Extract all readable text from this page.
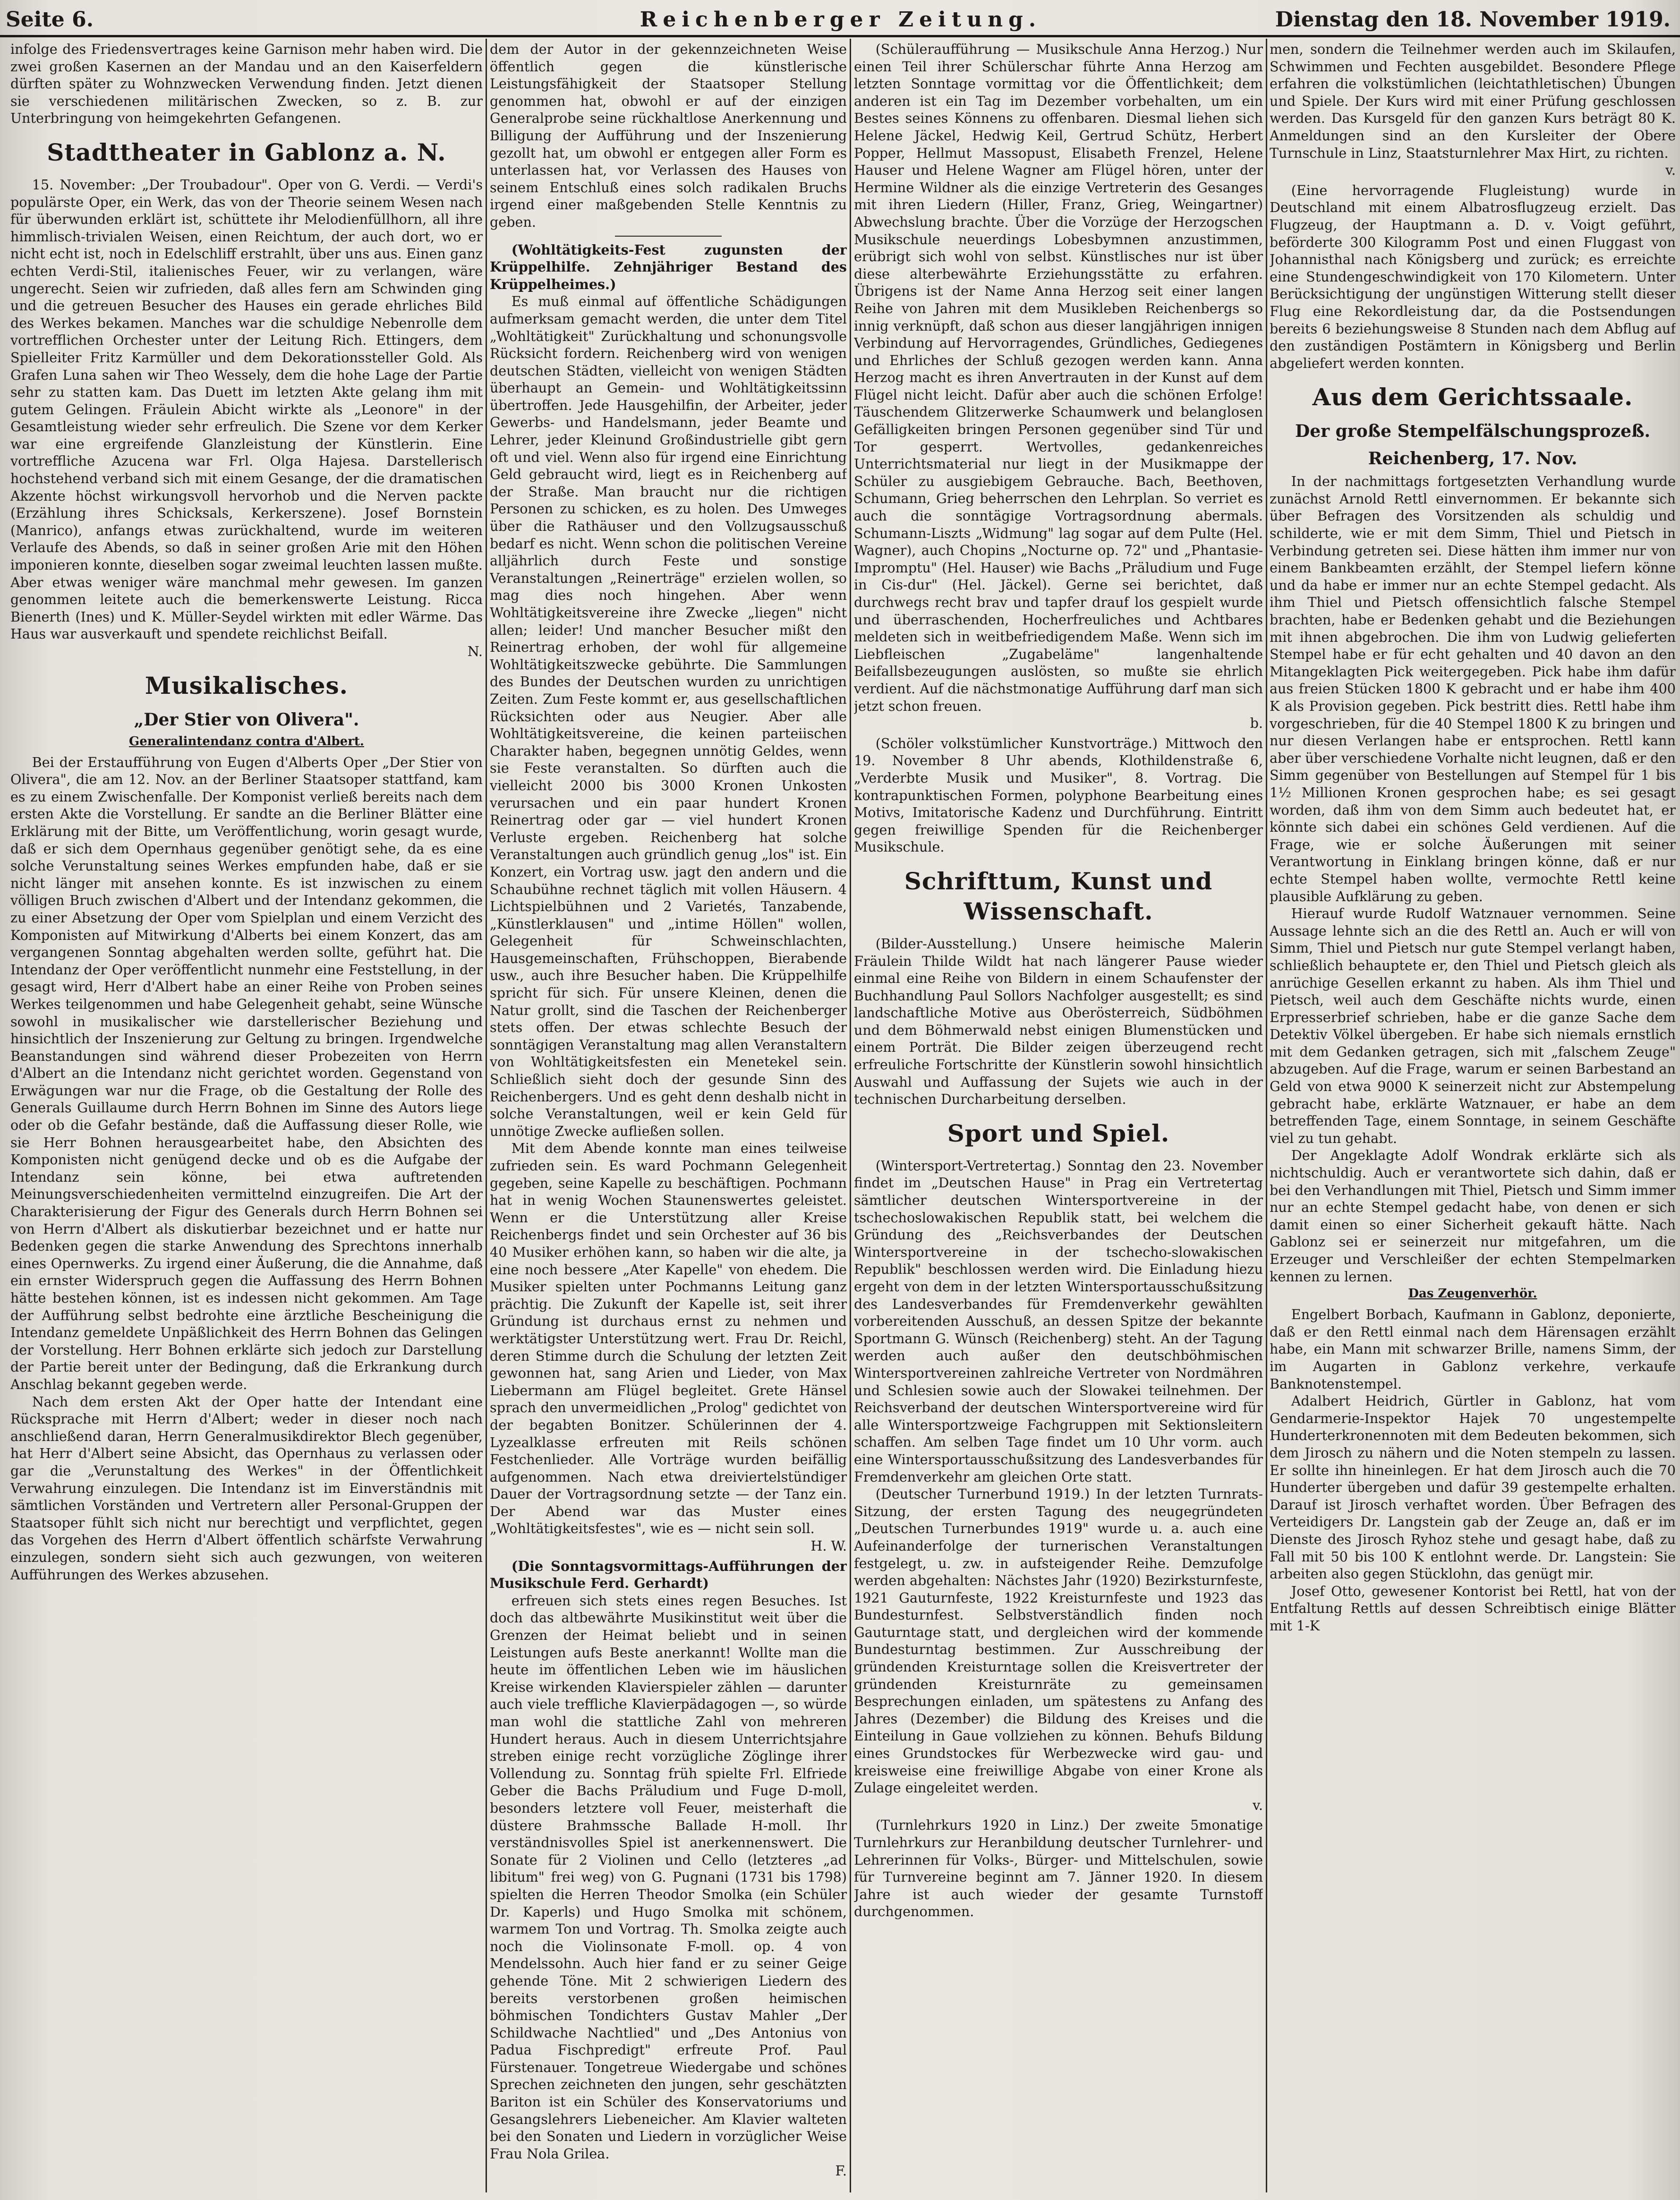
Seite 6.	Reichenberger Zeitung.	Dienstag den 18. November 1919.

infolge des Friedensvertrages keine Garnison mehr haben wird. Die zwei großen Kasernen an der Mandau und an den Kaiserfeldern dürften später zu Wohnzwecken Verwendung finden. Jetzt dienen sie verschiedenen militärischen Zwecken, so z. B. zur Unterbringung von heimgekehrten Gefangenen.

Stadttheater in Gablonz a. N.

15. November: „Der Troubadour". Oper von G. Verdi. — Verdi's populärste Oper, ein Werk, das von der Theorie seinem Wesen nach für überwunden erklärt ist, schüttete ihr Melodienfüllhorn, all ihre himmlisch-trivialen Weisen, einen Reichtum, der auch dort, wo er nicht echt ist, noch in Edelschliff erstrahlt, über uns aus. Einen ganz echten Verdi-Stil, italienisches Feuer, wir zu verlangen, wäre ungerecht. Seien wir zufrieden, daß alles fern am Schwinden ging und die getreuen Besucher des Hauses ein gerade ehrliches Bild des Werkes bekamen. Manches war die schuldige Nebenrolle dem vortrefflichen Orchester unter der Leitung Rich. Ettingers, dem Spielleiter Fritz Karmüller und dem Dekorationssteller Gold. Als Grafen Luna sahen wir Theo Wessely, dem die hohe Lage der Partie sehr zu statten kam. Das Duett im letzten Akte gelang ihm mit gutem Gelingen. Fräulein Abicht wirkte als „Leonore" in der Gesamtleistung wieder sehr erfreulich. Die Szene vor dem Kerker war eine ergreifende Glanzleistung der Künstlerin. Eine vortreffliche Azucena war Frl. Olga Hajesa. Darstellerisch hochstehend verband sich mit einem Gesange, der die dramatischen Akzente höchst wirkungsvoll hervorhob und die Nerven packte (Erzählung ihres Schicksals, Kerkerszene). Josef Bornstein (Manrico), anfangs etwas zurückhaltend, wurde im weiteren Verlaufe des Abends, so daß in seiner großen Arie mit den Höhen imponieren konnte, dieselben sogar zweimal leuchten lassen mußte. Aber etwas weniger wäre manchmal mehr gewesen. Im ganzen genommen leitete auch die bemerkenswerte Leistung. Ricca Bienerth (Ines) und K. Müller-Seydel wirkten mit edler Wärme. Das Haus war ausverkauft und spendete reichlichst Beifall.

N.
Musikalisches.
„Der Stier von Olivera".
Generalintendanz contra d'Albert.

Bei der Erstaufführung von Eugen d'Alberts Oper „Der Stier von Olivera", die am 12. Nov. an der Berliner Staatsoper stattfand, kam es zu einem Zwischenfalle. Der Komponist verließ bereits nach dem ersten Akte die Vorstellung. Er sandte an die Berliner Blätter eine Erklärung mit der Bitte, um Veröffentlichung, worin gesagt wurde, daß er sich dem Opernhaus gegenüber genötigt sehe, da es eine solche Verunstaltung seines Werkes empfunden habe, daß er sie nicht länger mit ansehen konnte. Es ist inzwischen zu einem völligen Bruch zwischen d'Albert und der Intendanz gekommen, die zu einer Absetzung der Oper vom Spielplan und einem Verzicht des Komponisten auf Mitwirkung d'Alberts bei einem Konzert, das am vergangenen Sonntag abgehalten werden sollte, geführt hat. Die Intendanz der Oper veröffentlicht nunmehr eine Feststellung, in der gesagt wird, Herr d'Albert habe an einer Reihe von Proben seines Werkes teilgenommen und habe Gelegenheit gehabt, seine Wünsche sowohl in musikalischer wie darstellerischer Beziehung und hinsichtlich der Inszenierung zur Geltung zu bringen. Irgendwelche Beanstandungen sind während dieser Probezeiten von Herrn d'Albert an die Intendanz nicht gerichtet worden. Gegenstand von Erwägungen war nur die Frage, ob die Gestaltung der Rolle des Generals Guillaume durch Herrn Bohnen im Sinne des Autors liege oder ob die Gefahr bestände, daß die Auffassung dieser Rolle, wie sie Herr Bohnen herausgearbeitet habe, den Absichten des Komponisten nicht genügend decke und ob es die Aufgabe der Intendanz sein könne, bei etwa auftretenden Meinungsverschiedenheiten vermittelnd einzugreifen. Die Art der Charakterisierung der Figur des Generals durch Herrn Bohnen sei von Herrn d'Albert als diskutierbar bezeichnet und er hatte nur Bedenken gegen die starke Anwendung des Sprechtons innerhalb eines Opernwerks. Zu irgend einer Äußerung, die die Annahme, daß ein ernster Widerspruch gegen die Auffassung des Herrn Bohnen hätte bestehen können, ist es indessen nicht gekommen. Am Tage der Aufführung selbst bedrohte eine ärztliche Bescheinigung die Intendanz gemeldete Unpäßlichkeit des Herrn Bohnen das Gelingen der Vorstellung. Herr Bohnen erklärte sich jedoch zur Darstellung der Partie bereit unter der Bedingung, daß die Erkrankung durch Anschlag bekannt gegeben werde.

Nach dem ersten Akt der Oper hatte der Intendant eine Rücksprache mit Herrn d'Albert; weder in dieser noch nach anschließend daran, Herrn Generalmusikdirektor Blech gegenüber, hat Herr d'Albert seine Absicht, das Opernhaus zu verlassen oder gar die „Verunstaltung des Werkes" in der Öffentlichkeit Verwahrung einzulegen. Die Intendanz ist im Einverständnis mit sämtlichen Vorständen und Vertretern aller Personal-Gruppen der Staatsoper fühlt sich nicht nur berechtigt und verpflichtet, gegen das Vorgehen des Herrn d'Albert öffentlich schärfste Verwahrung einzulegen, sondern sieht sich auch gezwungen, von weiteren Aufführungen des Werkes abzusehen.

dem der Autor in der gekennzeichneten Weise öffentlich gegen die künstlerische Leistungsfähigkeit der Staatsoper Stellung genommen hat, obwohl er auf der einzigen Generalprobe seine rückhaltlose Anerkennung und Billigung der Aufführung und der Inszenierung gezollt hat, um obwohl er entgegen aller Form es unterlassen hat, vor Verlassen des Hauses von seinem Entschluß eines solch radikalen Bruchs irgend einer maßgebenden Stelle Kenntnis zu geben.

(Wohltätigkeits-Fest zugunsten der Krüppelhilfe. Zehnjähriger Bestand des Krüppelheimes.)

Es muß einmal auf öffentliche Schädigungen aufmerksam gemacht werden, die unter dem Titel „Wohltätigkeit" Zurückhaltung und schonungsvolle Rücksicht fordern. Reichenberg wird von wenigen deutschen Städten, vielleicht von wenigen Städten überhaupt an Gemein- und Wohltätigkeitssinn übertroffen. Jede Hausgehilfin, der Arbeiter, jeder Gewerbs- und Handelsmann, jeder Beamte und Lehrer, jeder Kleinund Großindustrielle gibt gern oft und viel. Wenn also für irgend eine Einrichtung Geld gebraucht wird, liegt es in Reichenberg auf der Straße. Man braucht nur die richtigen Personen zu schicken, es zu holen. Des Umweges über die Rathäuser und den Vollzugsausschuß bedarf es nicht. Wenn schon die politischen Vereine alljährlich durch Feste und sonstige Veranstaltungen „Reinerträge" erzielen wollen, so mag dies noch hingehen. Aber wenn Wohltätigkeitsvereine ihre Zwecke „liegen" nicht allen; leider! Und mancher Besucher mißt den Reinertrag erhoben, der wohl für allgemeine Wohltätigkeitszwecke gebührte. Die Sammlungen des Bundes der Deutschen wurden zu unrichtigen Zeiten. Zum Feste kommt er, aus gesellschaftlichen Rücksichten oder aus Neugier. Aber alle Wohltätigkeitsvereine, die keinen parteiischen Charakter haben, begegnen unnötig Geldes, wenn sie Feste veranstalten. So dürften auch die vielleicht 2000 bis 3000 Kronen Unkosten verursachen und ein paar hundert Kronen Reinertrag oder gar — viel hundert Kronen Verluste ergeben. Reichenberg hat solche Veranstaltungen auch gründlich genug „los" ist. Ein Konzert, ein Vortrag usw. jagt den andern und die Schaubühne rechnet täglich mit vollen Häusern. 4 Lichtspielbühnen und 2 Varietés, Tanzabende, „Künstlerklausen" und „intime Höllen" wollen, Gelegenheit für Schweinschlachten, Hausgemeinschaften, Frühschoppen, Bierabende usw., auch ihre Besucher haben. Die Krüppelhilfe spricht für sich. Für unsere Kleinen, denen die Natur grollt, sind die Taschen der Reichenberger stets offen. Der etwas schlechte Besuch der sonntägigen Veranstaltung mag allen Veranstaltern von Wohltätigkeitsfesten ein Menetekel sein. Schließlich sieht doch der gesunde Sinn des Reichenbergers. Und es geht denn deshalb nicht in solche Veranstaltungen, weil er kein Geld für unnötige Zwecke aufließen sollen.

Mit dem Abende konnte man eines teilweise zufrieden sein. Es ward Pochmann Gelegenheit gegeben, seine Kapelle zu beschäftigen. Pochmann hat in wenig Wochen Staunenswertes geleistet. Wenn er die Unterstützung aller Kreise Reichenbergs findet und sein Orchester auf 36 bis 40 Musiker erhöhen kann, so haben wir die alte, ja eine noch bessere „Ater Kapelle" von ehedem. Die Musiker spielten unter Pochmanns Leitung ganz prächtig. Die Zukunft der Kapelle ist, seit ihrer Gründung ist durchaus ernst zu nehmen und werktätigster Unterstützung wert. Frau Dr. Reichl, deren Stimme durch die Schulung der letzten Zeit gewonnen hat, sang Arien und Lieder, von Max Liebermann am Flügel begleitet. Grete Hänsel sprach den unvermeidlichen „Prolog" gedichtet von der begabten Bonitzer. Schülerinnen der 4. Lyzealklasse erfreuten mit Reils schönen Festchenlieder. Alle Vorträge wurden beifällig aufgenommen. Nach etwa dreiviertelstündiger Dauer der Vortragsordnung setzte — der Tanz ein. Der Abend war das Muster eines „Wohltätigkeitsfestes", wie es — nicht sein soll.

H. W.

(Die Sonntagsvormittags-Aufführungen der Musikschule Ferd. Gerhardt)

erfreuen sich stets eines regen Besuches. Ist doch das altbewährte Musikinstitut weit über die Grenzen der Heimat beliebt und in seinen Leistungen aufs Beste anerkannt! Wollte man die heute im öffentlichen Leben wie im häuslichen Kreise wirkenden Klavierspieler zählen — darunter auch viele treffliche Klavierpädagogen —, so würde man wohl die stattliche Zahl von mehreren Hundert heraus. Auch in diesem Unterrichtsjahre streben einige recht vorzügliche Zöglinge ihrer Vollendung zu. Sonntag früh spielte Frl. Elfriede Geber die Bachs Präludium und Fuge D-moll, besonders letztere voll Feuer, meisterhaft die düstere Brahmssche Ballade H-moll. Ihr verständnisvolles Spiel ist anerkennenswert. Die Sonate für 2 Violinen und Cello (letzteres „ad libitum" frei weg) von G. Pugnani (1731 bis 1798) spielten die Herren Theodor Smolka (ein Schüler Dr. Kaperls) und Hugo Smolka mit schönem, warmem Ton und Vortrag. Th. Smolka zeigte auch noch die Violinsonate F-moll. op. 4 von Mendelssohn. Auch hier fand er zu seiner Geige gehende Töne. Mit 2 schwierigen Liedern des bereits verstorbenen großen heimischen böhmischen Tondichters Gustav Mahler „Der Schildwache Nachtlied" und „Des Antonius von Padua Fischpredigt" erfreute Prof. Paul Fürstenauer. Tongetreue Wiedergabe und schönes Sprechen zeichneten den jungen, sehr geschätzten Bariton ist ein Schüler des Konservatoriums und Gesangslehrers Liebeneicher. Am Klavier walteten bei den Sonaten und Liedern in vorzüglicher Weise Frau Nola Grilea.

F.

(Schüleraufführung — Musikschule Anna Herzog.) Nur einen Teil ihrer Schülerschar führte Anna Herzog am letzten Sonntage vormittag vor die Öffentlichkeit; dem anderen ist ein Tag im Dezember vorbehalten, um ein Bestes seines Könnens zu offenbaren. Diesmal liehen sich Helene Jäckel, Hedwig Keil, Gertrud Schütz, Herbert Popper, Hellmut Massopust, Elisabeth Frenzel, Helene Hauser und Helene Wagner am Flügel hören, unter der Hermine Wildner als die einzige Vertreterin des Gesanges mit ihren Liedern (Hiller, Franz, Grieg, Weingartner) Abwechslung brachte. Über die Vorzüge der Herzogschen Musikschule neuerdings Lobesbymnen anzustimmen, erübrigt sich wohl von selbst. Künstlisches nur ist über diese alterbewährte Erziehungsstätte zu erfahren. Übrigens ist der Name Anna Herzog seit einer langen Reihe von Jahren mit dem Musikleben Reichenbergs so innig verknüpft, daß schon aus dieser langjährigen innigen Verbindung auf Hervorragendes, Gründliches, Gediegenes und Ehrliches der Schluß gezogen werden kann. Anna Herzog macht es ihren Anvertrauten in der Kunst auf dem Flügel nicht leicht. Dafür aber auch die schönen Erfolge! Täuschendem Glitzerwerke Schaumwerk und belanglosen Gefälligkeiten bringen Personen gegenüber sind Tür und Tor gesperrt. Wertvolles, gedankenreiches Unterrichtsmaterial nur liegt in der Musikmappe der Schüler zu ausgiebigem Gebrauche. Bach, Beethoven, Schumann, Grieg beherrschen den Lehrplan. So verriet es auch die sonntägige Vortragsordnung abermals. Schumann-Liszts „Widmung" lag sogar auf dem Pulte (Hel. Wagner), auch Chopins „Nocturne op. 72" und „Phantasie-Impromptu" (Hel. Hauser) wie Bachs „Präludium und Fuge in Cis-dur" (Hel. Jäckel). Gerne sei berichtet, daß durchwegs recht brav und tapfer drauf los gespielt wurde und überraschenden, Hocherfreuliches und Achtbares meldeten sich in weitbefriedigendem Maße. Wenn sich im Liebfleischen „Zugabeläme" langenhaltende Beifallsbezeugungen auslösten, so mußte sie ehrlich verdient. Auf die nächstmonatige Aufführung darf man sich jetzt schon freuen.

b.

(Schöler volkstümlicher Kunstvorträge.) Mittwoch den 19. November 8 Uhr abends, Klothildenstraße 6, „Verderbte Musik und Musiker", 8. Vortrag. Die kontrapunktischen Formen, polyphone Bearbeitung eines Motivs, Imitatorische Kadenz und Durchführung. Eintritt gegen freiwillige Spenden für die Reichenberger Musikschule.

Schrifttum, Kunst und Wissenschaft.

(Bilder-Ausstellung.) Unsere heimische Malerin Fräulein Thilde Wildt hat nach längerer Pause wieder einmal eine Reihe von Bildern in einem Schaufenster der Buchhandlung Paul Sollors Nachfolger ausgestellt; es sind landschaftliche Motive aus Oberösterreich, Südböhmen und dem Böhmerwald nebst einigen Blumenstücken und einem Porträt. Die Bilder zeigen überzeugend recht erfreuliche Fortschritte der Künstlerin sowohl hinsichtlich Auswahl und Auffassung der Sujets wie auch in der technischen Durcharbeitung derselben.

Sport und Spiel.

(Wintersport-Vertretertag.) Sonntag den 23. November findet im „Deutschen Hause" in Prag ein Vertretertag sämtlicher deutschen Wintersportvereine in der tschechoslowakischen Republik statt, bei welchem die Gründung des „Reichsverbandes der Deutschen Wintersportvereine in der tschecho-slowakischen Republik" beschlossen werden wird. Die Einladung hiezu ergeht von dem in der letzten Wintersportausschußsitzung des Landesverbandes für Fremdenverkehr gewählten vorbereitenden Ausschuß, an dessen Spitze der bekannte Sportmann G. Wünsch (Reichenberg) steht. An der Tagung werden auch außer den deutschböhmischen Wintersportvereinen zahlreiche Vertreter von Nordmähren und Schlesien sowie auch der Slowakei teilnehmen. Der Reichsverband der deutschen Wintersportvereine wird für alle Wintersportzweige Fachgruppen mit Sektionsleitern schaffen. Am selben Tage findet um 10 Uhr vorm. auch eine Wintersportausschußsitzung des Landesverbandes für Fremdenverkehr am gleichen Orte statt.

(Deutscher Turnerbund 1919.) In der letzten Turnrats-Sitzung, der ersten Tagung des neugegründeten „Deutschen Turnerbundes 1919" wurde u. a. auch eine Aufeinanderfolge der turnerischen Veranstaltungen festgelegt, u. zw. in aufsteigender Reihe. Demzufolge werden abgehalten: Nächstes Jahr (1920) Bezirksturnfeste, 1921 Gauturnfeste, 1922 Kreisturnfeste und 1923 das Bundesturnfest. Selbstverständlich finden noch Gauturntage statt, und dergleichen wird der kommende Bundesturntag bestimmen. Zur Ausschreibung der gründenden Kreisturntage sollen die Kreisvertreter der gründenden Kreisturnräte zu gemeinsamen Besprechungen einladen, um spätestens zu Anfang des Jahres (Dezember) die Bildung des Kreises und die Einteilung in Gaue vollziehen zu können. Behufs Bildung eines Grundstockes für Werbezwecke wird gau- und kreisweise eine freiwillige Abgabe von einer Krone als Zulage eingeleitet werden.

v.

(Turnlehrkurs 1920 in Linz.) Der zweite 5monatige Turnlehrkurs zur Heranbildung deutscher Turnlehrer- und Lehrerinnen für Volks-, Bürger- und Mittelschulen, sowie für Turnvereine beginnt am 7. Jänner 1920. In diesem Jahre ist auch wieder der gesamte Turnstoff durchgenommen.

men, sondern die Teilnehmer werden auch im Skilaufen, Schwimmen und Fechten ausgebildet. Besondere Pflege erfahren die volkstümlichen (leichtathletischen) Übungen und Spiele. Der Kurs wird mit einer Prüfung geschlossen werden. Das Kursgeld für den ganzen Kurs beträgt 80 K. Anmeldungen sind an den Kursleiter der Obere Turnschule in Linz, Staatsturnlehrer Max Hirt, zu richten.

v.

(Eine hervorragende Flugleistung) wurde in Deutschland mit einem Albatrosflugzeug erzielt. Das Flugzeug, der Hauptmann a. D. v. Voigt geführt, beförderte 300 Kilogramm Post und einen Fluggast von Johannisthal nach Königsberg und zurück; es erreichte eine Stundengeschwindigkeit von 170 Kilometern. Unter Berücksichtigung der ungünstigen Witterung stellt dieser Flug eine Rekordleistung dar, da die Postsendungen bereits 6 beziehungsweise 8 Stunden nach dem Abflug auf den zuständigen Postämtern in Königsberg und Berlin abgeliefert werden konnten.

Aus dem Gerichtssaale.
Der große Stempelfälschungsprozeß.
Reichenberg, 17. Nov.

In der nachmittags fortgesetzten Verhandlung wurde zunächst Arnold Rettl einvernommen. Er bekannte sich über Befragen des Vorsitzenden als schuldig und schilderte, wie er mit dem Simm, Thiel und Pietsch in Verbindung getreten sei. Diese hätten ihm immer nur von einem Bankbeamten erzählt, der Stempel liefern könne und da habe er immer nur an echte Stempel gedacht. Als ihm Thiel und Pietsch offensichtlich falsche Stempel brachten, habe er Bedenken gehabt und die Beziehungen mit ihnen abgebrochen. Die ihm von Ludwig gelieferten Stempel habe er für echt gehalten und 40 davon an den Mitangeklagten Pick weitergegeben. Pick habe ihm dafür aus freien Stücken 1800 K gebracht und er habe ihm 400 K als Provision gegeben. Pick bestritt dies. Rettl habe ihm vorgeschrieben, für die 40 Stempel 1800 K zu bringen und nur diesen Verlangen habe er entsprochen. Rettl kann aber über verschiedene Vorhalte nicht leugnen, daß er den Simm gegenüber von Bestellungen auf Stempel für 1 bis 1½ Millionen Kronen gesprochen habe; es sei gesagt worden, daß ihm von dem Simm auch bedeutet hat, er könnte sich dabei ein schönes Geld verdienen. Auf die Frage, wie er solche Äußerungen mit seiner Verantwortung in Einklang bringen könne, daß er nur echte Stempel haben wollte, vermochte Rettl keine plausible Aufklärung zu geben.

Hierauf wurde Rudolf Watznauer vernommen. Seine Aussage lehnte sich an die des Rettl an. Auch er will von Simm, Thiel und Pietsch nur gute Stempel verlangt haben, schließlich behauptete er, den Thiel und Pietsch gleich als anrüchige Gesellen erkannt zu haben. Als ihm Thiel und Pietsch, weil auch dem Geschäfte nichts wurde, einen Erpresserbrief schrieben, habe er die ganze Sache dem Detektiv Völkel übergeben. Er habe sich niemals ernstlich mit dem Gedanken getragen, sich mit „falschem Zeuge" abzugeben. Auf die Frage, warum er seinen Barbestand an Geld von etwa 9000 K seinerzeit nicht zur Abstempelung gebracht habe, erklärte Watznauer, er habe an dem betreffenden Tage, einem Sonntage, in seinem Geschäfte viel zu tun gehabt.

Der Angeklagte Adolf Wondrak erklärte sich als nichtschuldig. Auch er verantwortete sich dahin, daß er bei den Verhandlungen mit Thiel, Pietsch und Simm immer nur an echte Stempel gedacht habe, von denen er sich damit einen so einer Sicherheit gekauft hätte. Nach Gablonz sei er seinerzeit nur mitgefahren, um die Erzeuger und Verschleißer der echten Stempelmarken kennen zu lernen.

Das Zeugenverhör.

Engelbert Borbach, Kaufmann in Gablonz, deponierte, daß er den Rettl einmal nach dem Härensagen erzählt habe, ein Mann mit schwarzer Brille, namens Simm, der im Augarten in Gablonz verkehre, verkaufe Banknotenstempel.

Adalbert Heidrich, Gürtler in Gablonz, hat vom Gendarmerie-Inspektor Hajek 70 ungestempelte Hunderterkronennoten mit dem Bedeuten bekommen, sich dem Jirosch zu nähern und die Noten stempeln zu lassen. Er sollte ihn hineinlegen. Er hat dem Jirosch auch die 70 Hunderter übergeben und dafür 39 gestempelte erhalten. Darauf ist Jirosch verhaftet worden. Über Befragen des Verteidigers Dr. Langstein gab der Zeuge an, daß er im Dienste des Jirosch Ryhoz stehe und gesagt habe, daß zu Fall mit 50 bis 100 K entlohnt werde. Dr. Langstein: Sie arbeiten also gegen Stücklohn, das genügt mir.

Josef Otto, gewesener Kontorist bei Rettl, hat von der Entfaltung Rettls auf dessen Schreibtisch einige Blätter mit 1-K
